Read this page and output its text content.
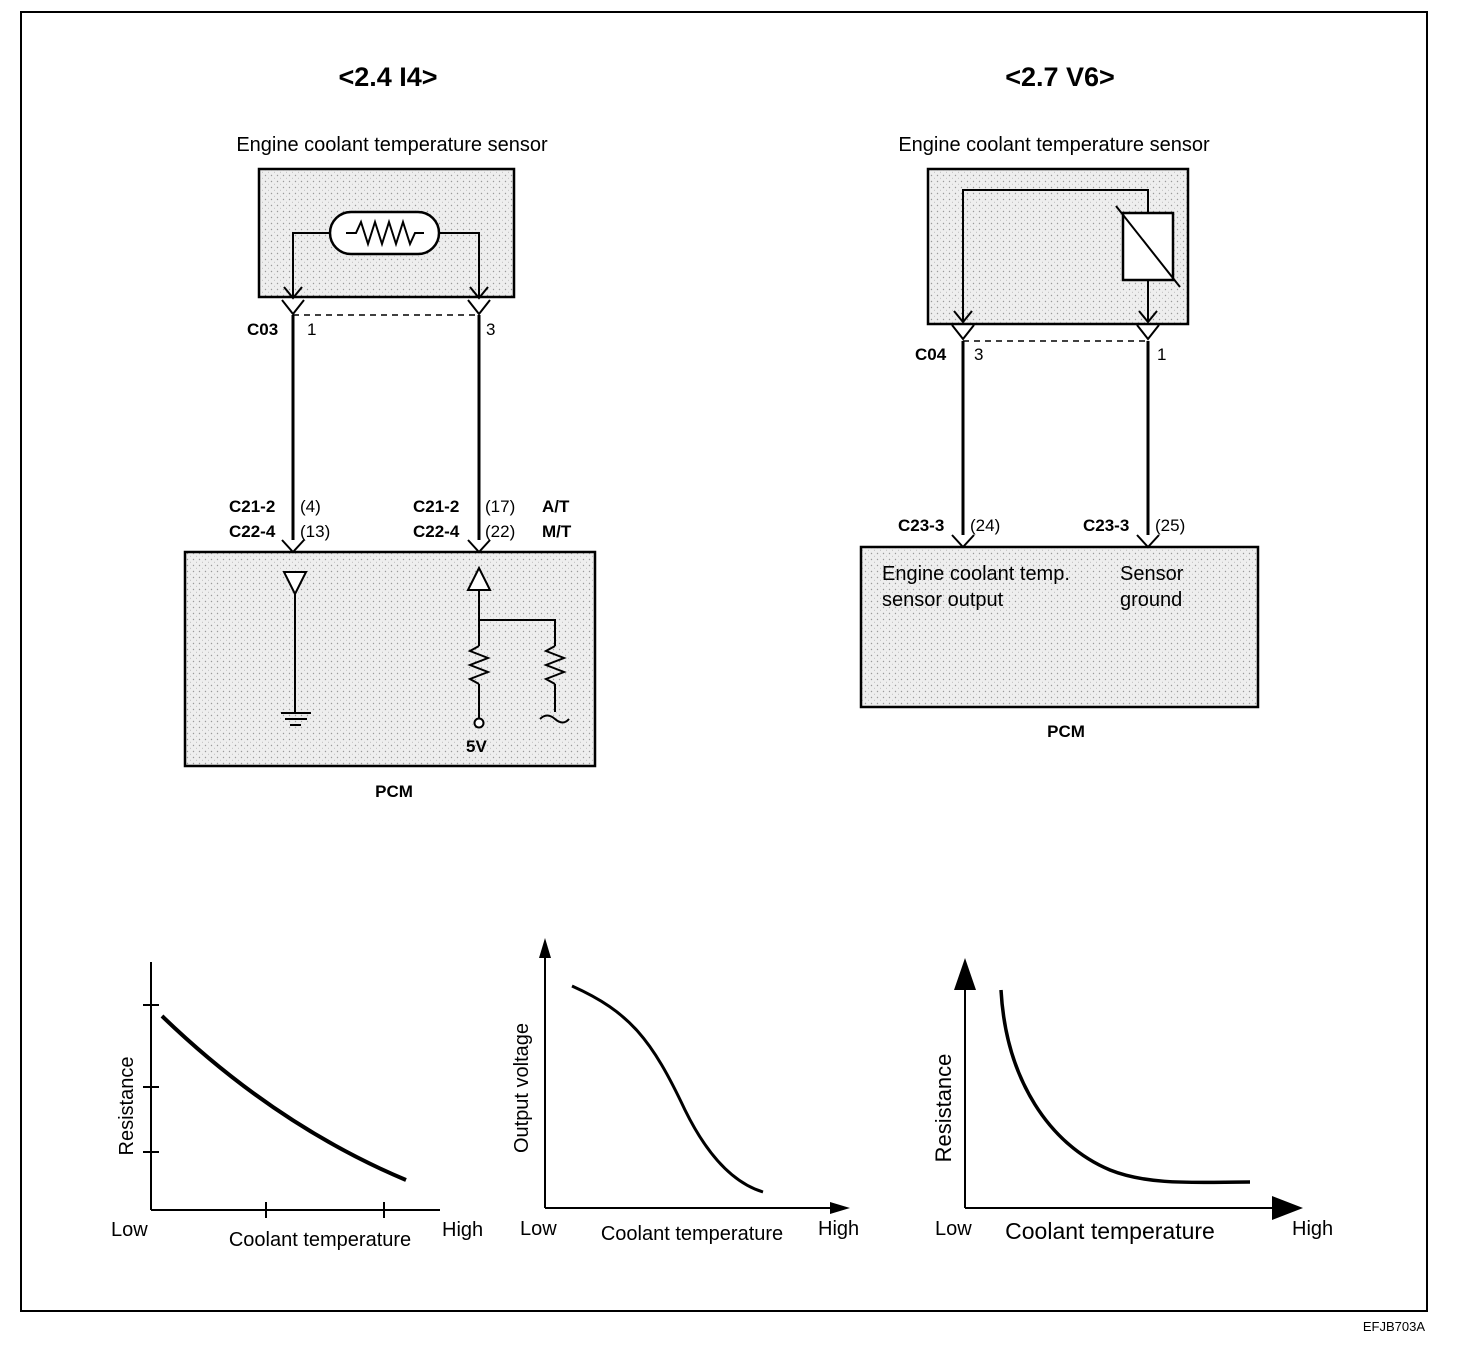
<2.4 I4>
Engine coolant temperature sensor
C03 1	3
C21-2 (4)
C22-4 (13)
C21-2 (17)
C22-4 (22)
A/T
M/T
5V
PCM
<2.7 V6>
Engine coolant temperature sensor
C04 3	1
C23-3 (24)	C23-3 (25)
Engine coolant temp.
sensor output
Sensor
ground
PCM
Resistance
Coolant temperature
Low	High
Output voltage
Coolant temperature
Low	High
Resistance
Coolant temperature
Low	High
EFJB703A
